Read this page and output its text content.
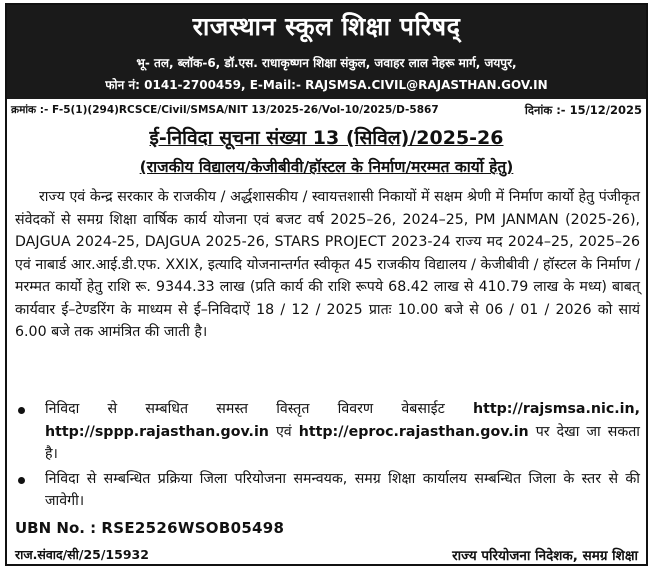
राजस्थान स्कूल शिक्षा परिषद्
भू- तल, ब्लॉक-6, डॉ.एस. राधाकृष्णन शिक्षा संकुल, जवाहर लाल नेहरू मार्ग, जयपुर,
फोन नं: 0141-2700459, E-Mail:- RAJSMSA.CIVIL@RAJASTHAN.GOV.IN
क्रमांक :- F-5(1)(294)RCSCE/Civil/SMSA/NIT 13/2025-26/Vol-10/2025/D-5867	दिनांक :- 15/12/2025
ई-निविदा सूचना संख्या 13 (सिविल)/2025-26
(राजकीय विद्यालय/केजीबीवी/हॉस्टल के निर्माण/मरम्मत कार्यो हेतु)

राज्य एवं केन्द्र सरकार के राजकीय / अर्द्धशासकीय / स्वायत्तशासी निकायों में सक्षम श्रेणी में निर्माण कार्यो हेतु पंजीकृत संवेदकों से समग्र शिक्षा वार्षिक कार्य योजना एवं बजट वर्ष 2025–26, 2024–25, PM JANMAN (2025-26), DAJGUA 2024-25, DAJGUA 2025-26, STARS PROJECT 2023-24 राज्य मद 2024–25, 2025–26 एवं नाबार्ड आर.आई.डी.एफ. XXIX, इत्यादि योजनान्तर्गत स्वीकृत 45 राजकीय विद्यालय / केजीबीवी / हॉस्टल के निर्माण / मरम्मत कार्यो हेतु राशि रू. 9344.33 लाख (प्रति कार्य की राशि रूपये 68.42 लाख से 410.79 लाख के मध्य) बाबत् कार्यवार ई–टेण्डरिंग के माध्यम से ई–निविदाऐं 18 / 12 / 2025 प्रातः 10.00 बजे से 06 / 01 / 2026 को सायं 6.00 बजे तक आमंत्रित की जाती है।

निविदा से सम्बधित समस्त विस्तृत विवरण वेबसाईट http://rajsmsa.nic.in, http://sppp.rajasthan.gov.in एवं http://eproc.rajasthan.gov.in पर देखा जा सकता है।
निविदा से सम्बन्धित प्रक्रिया जिला परियोजना समन्वयक, समग्र शिक्षा कार्यालय सम्बन्धित जिला के स्तर से की जावेगी।
UBN No. : RSE2526WSOB05498
राज.संवाद/सी/25/15932	राज्य परियोजना निदेशक, समग्र शिक्षा
